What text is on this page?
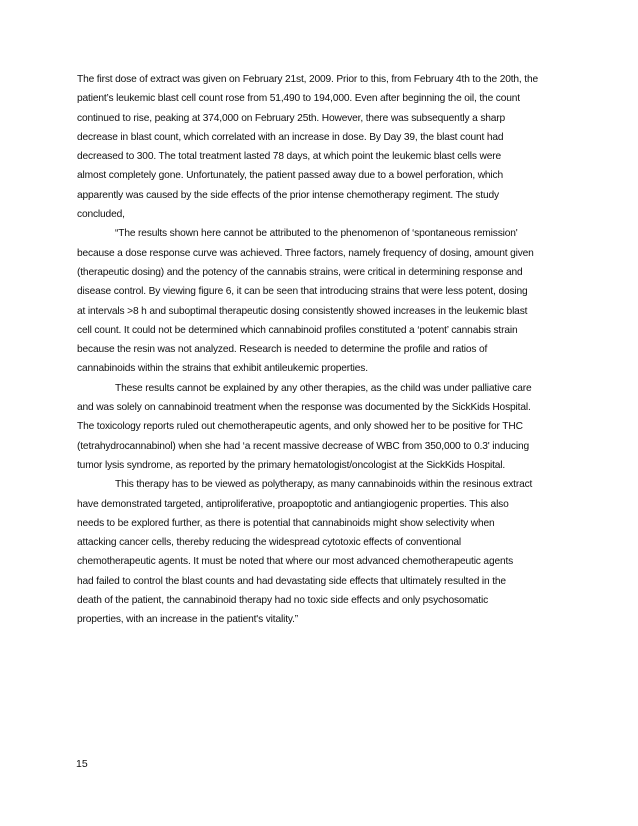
The first dose of extract was given on February 21st, 2009. Prior to this, from February 4th to the 20th, the
patient’s leukemic blast cell count rose from 51,490 to 194,000. Even after beginning the oil, the count
continued to rise, peaking at 374,000 on February 25th. However, there was subsequently a sharp
decrease in blast count, which correlated with an increase in dose. By Day 39, the blast count had
decreased to 300. The total treatment lasted 78 days, at which point the leukemic blast cells were
almost completely gone. Unfortunately, the patient passed away due to a bowel perforation, which
apparently was caused by the side effects of the prior intense chemotherapy regiment. The study
concluded,
“The results shown here cannot be attributed to the phenomenon of ‘spontaneous remission'
because a dose response curve was achieved. Three factors, namely frequency of dosing, amount given
(therapeutic dosing) and the potency of the cannabis strains, were critical in determining response and
disease control. By viewing figure 6, it can be seen that introducing strains that were less potent, dosing
at intervals >8 h and suboptimal therapeutic dosing consistently showed increases in the leukemic blast
cell count. It could not be determined which cannabinoid profiles constituted a ‘potent’ cannabis strain
because the resin was not analyzed. Research is needed to determine the profile and ratios of
cannabinoids within the strains that exhibit antileukemic properties.
These results cannot be explained by any other therapies, as the child was under palliative care
and was solely on cannabinoid treatment when the response was documented by the SickKids Hospital.
The toxicology reports ruled out chemotherapeutic agents, and only showed her to be positive for THC
(tetrahydrocannabinol) when she had ‘a recent massive decrease of WBC from 350,000 to 0.3' inducing
tumor lysis syndrome, as reported by the primary hematologist/oncologist at the SickKids Hospital.
This therapy has to be viewed as polytherapy, as many cannabinoids within the resinous extract
have demonstrated targeted, antiproliferative, proapoptotic and antiangiogenic properties. This also
needs to be explored further, as there is potential that cannabinoids might show selectivity when
attacking cancer cells, thereby reducing the widespread cytotoxic effects of conventional
chemotherapeutic agents. It must be noted that where our most advanced chemotherapeutic agents
had failed to control the blast counts and had devastating side effects that ultimately resulted in the
death of the patient, the cannabinoid therapy had no toxic side effects and only psychosomatic
properties, with an increase in the patient's vitality.”
15
